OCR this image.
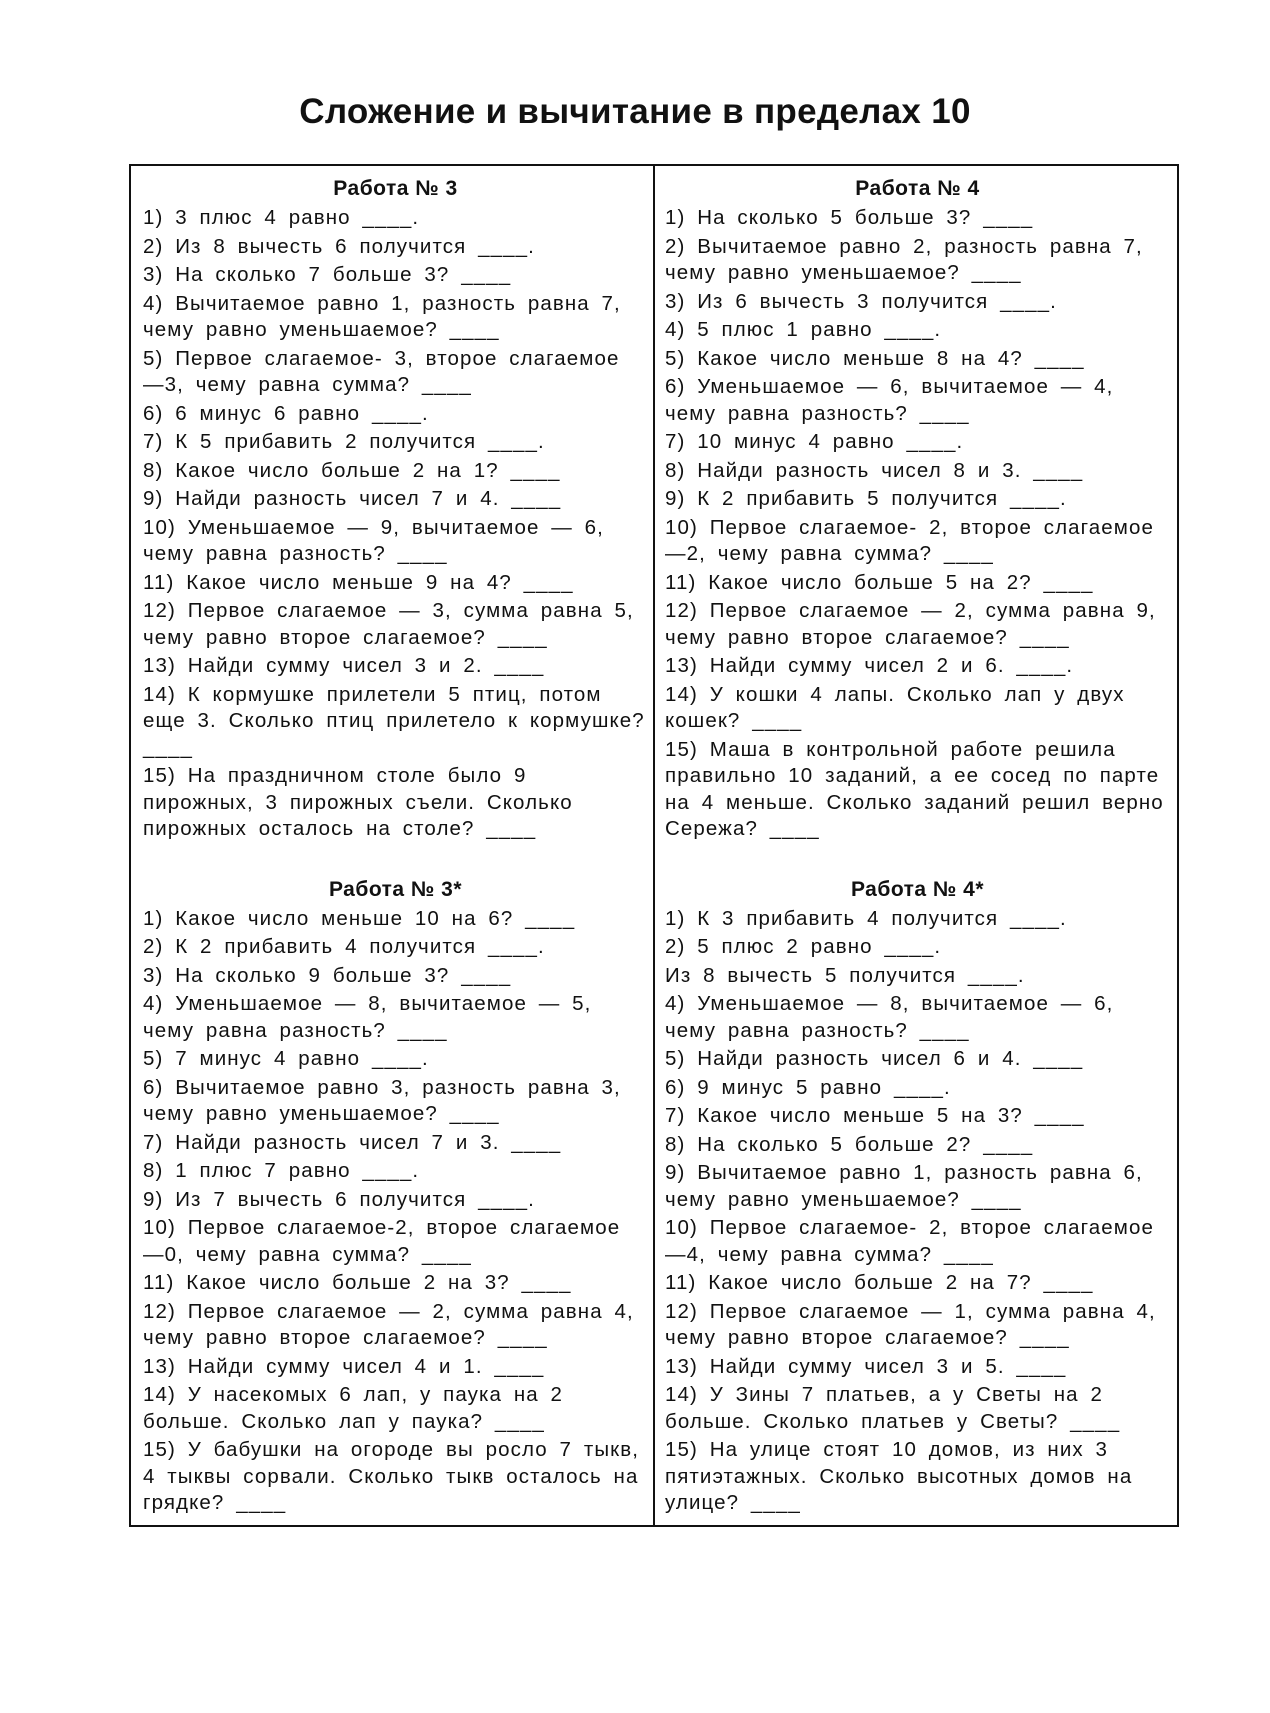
Сложение и вычитание в пределах 10
Работа № 3
1) 3 плюс 4 равно ____.
2) Из 8 вычесть 6 получится ____.
3) На сколько 7 больше 3? ____
4) Вычитаемое равно 1, разность равна 7, чему равно уменьшаемое? ____
5) Первое слагаемое- 3, второе слагаемое —3, чему равна сумма? ____
6) 6 минус 6 равно ____.
7) К 5 прибавить 2 получится ____.
8) Какое число больше 2 на 1? ____
9) Найди разность чисел 7 и 4. ____
10) Уменьшаемое — 9, вычитаемое — 6, чему равна разность? ____
11) Какое число меньше 9 на 4? ____
12) Первое слагаемое — 3, сумма равна 5, чему равно второе слагаемое? ____
13) Найди сумму чисел 3 и 2. ____
14) К кормушке прилетели 5 птиц, потом еще 3. Сколько птиц прилетело к кормушке? ____
15) На праздничном столе было 9 пирожных, 3 пирожных съели. Сколько пирожных осталось на столе? ____
Работа № 3*
1) Какое число меньше 10 на 6? ____
2) К 2 прибавить 4 получится ____.
3) На сколько 9 больше 3? ____
4) Уменьшаемое — 8, вычитаемое — 5, чему равна разность? ____
5) 7 минус 4 равно ____.
6) Вычитаемое равно 3, разность равна 3, чему равно уменьшаемое? ____
7) Найди разность чисел 7 и 3. ____
8) 1 плюс 7 равно ____.
9) Из 7 вычесть 6 получится ____.
10) Первое слагаемое-2, второе слагаемое —0, чему равна сумма? ____
11) Какое число больше 2 на 3? ____
12) Первое слагаемое — 2, сумма равна 4, чему равно второе слагаемое? ____
13) Найди сумму чисел 4 и 1. ____
14) У насекомых 6 лап, у паука на 2 больше. Сколько лап у паука? ____
15) У бабушки на огороде вы росло 7 тыкв, 4 тыквы сорвали. Сколько тыкв осталось на грядке? ____
Работа № 4
1) На сколько 5 больше 3? ____
2) Вычитаемое равно 2, разность равна 7, чему равно уменьшаемое? ____
3) Из 6 вычесть 3 получится ____.
4) 5 плюс 1 равно ____.
5) Какое число меньше 8 на 4? ____
6) Уменьшаемое — 6, вычитаемое — 4, чему равна разность? ____
7) 10 минус 4 равно ____.
8) Найди разность чисел 8 и 3. ____
9) К 2 прибавить 5 получится ____.
10) Первое слагаемое- 2, второе слагаемое —2, чему равна сумма? ____
11) Какое число больше 5 на 2? ____
12) Первое слагаемое — 2, сумма равна 9, чему равно второе слагаемое? ____
13) Найди сумму чисел 2 и 6. ____.
14) У кошки 4 лапы. Сколько лап у двух кошек? ____
15) Маша в контрольной работе решила правильно 10 заданий, а ее сосед по парте на 4 меньше. Сколько заданий решил верно Сережа? ____
Работа № 4*
1) К 3 прибавить 4 получится ____.
2) 5 плюс 2 равно ____.
Из 8 вычесть 5 получится ____.
4) Уменьшаемое — 8, вычитаемое — 6, чему равна разность? ____
5) Найди разность чисел 6 и 4. ____
6) 9 минус 5 равно ____.
7) Какое число меньше 5 на 3? ____
8) На сколько 5 больше 2? ____
9) Вычитаемое равно 1, разность равна 6, чему равно уменьшаемое? ____
10) Первое слагаемое- 2, второе слагаемое —4, чему равна сумма? ____
11) Какое число больше 2 на 7? ____
12) Первое слагаемое — 1, сумма равна 4, чему равно второе слагаемое? ____
13) Найди сумму чисел 3 и 5. ____
14) У Зины 7 платьев, а у Светы на 2 больше. Сколько платьев у Светы? ____
15) На улице стоят 10 домов, из них 3 пятиэтажных. Сколько высотных домов на улице? ____
